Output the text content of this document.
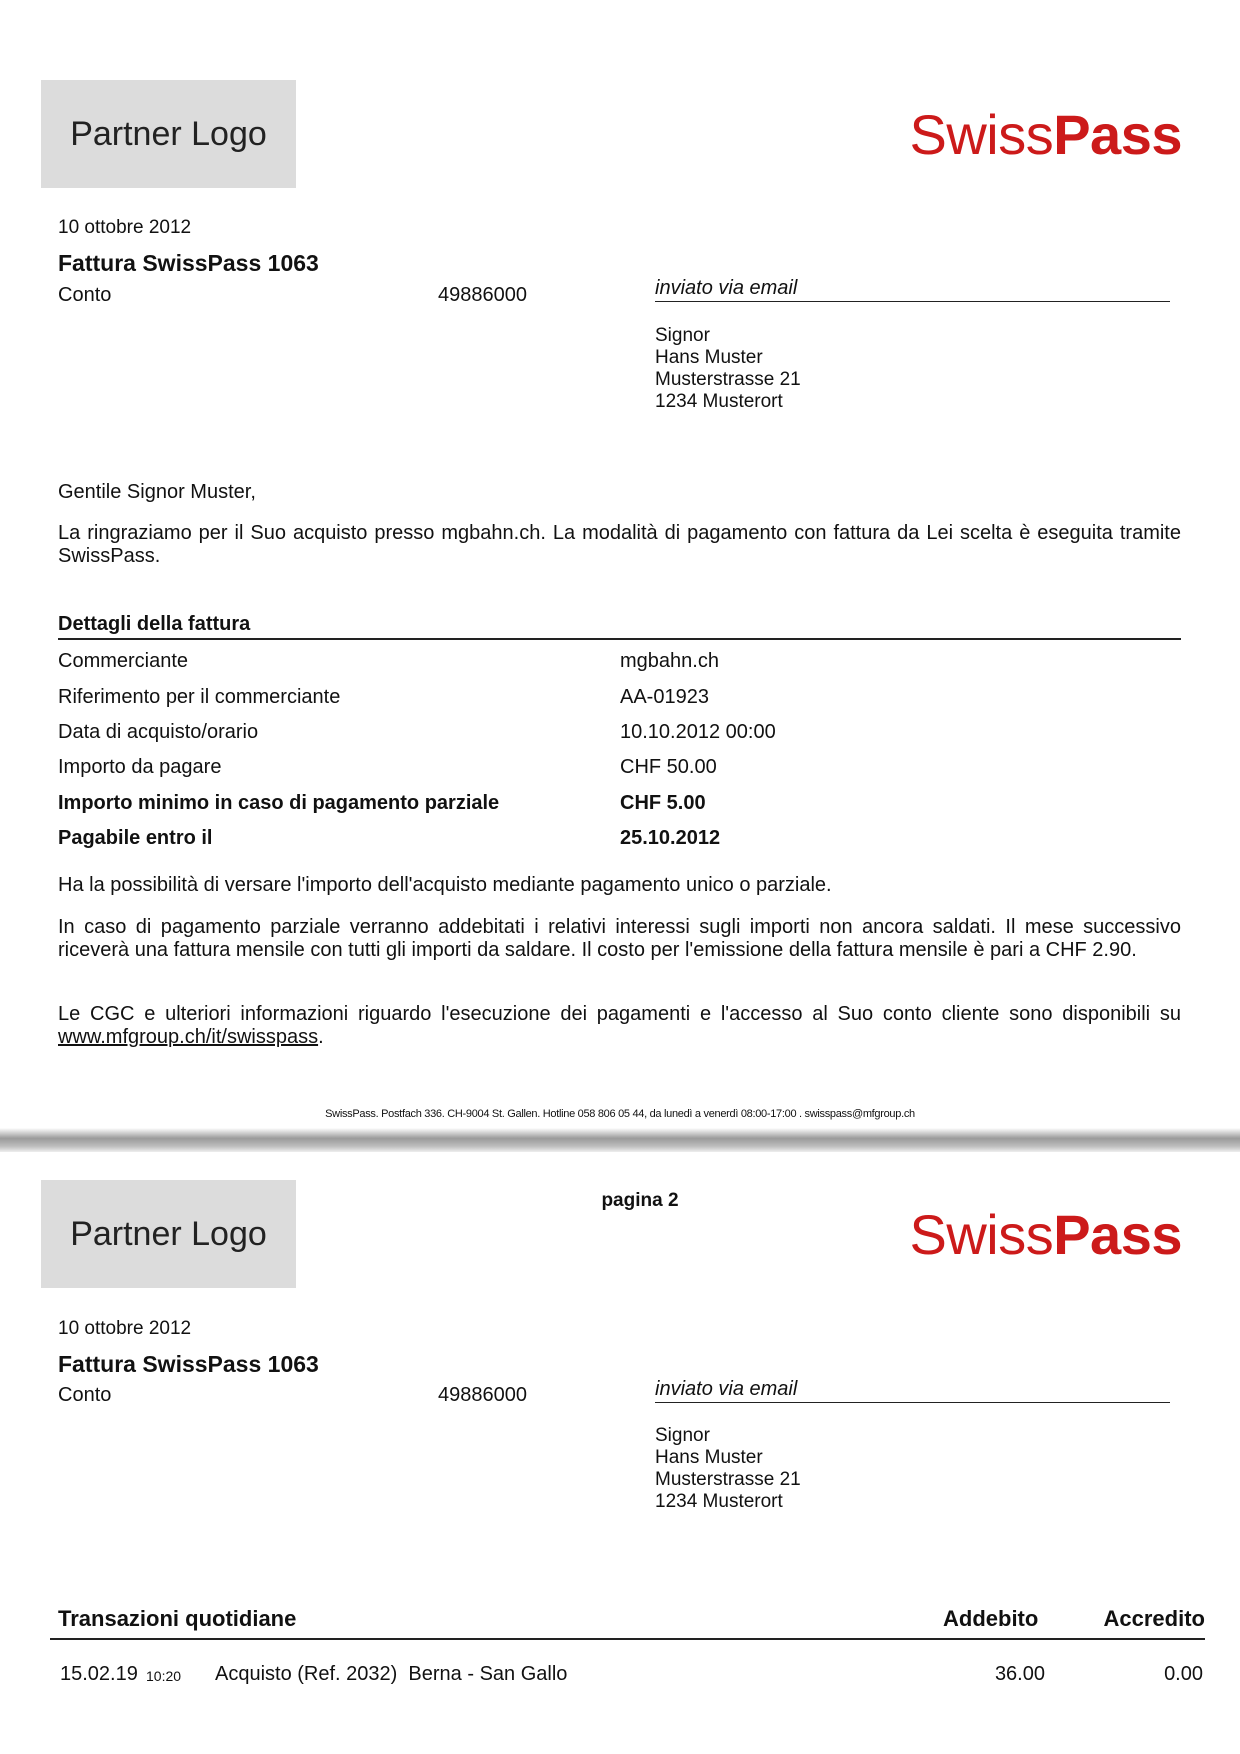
Partner Logo	SwissPass
10 ottobre 2012
Fattura SwissPass 1063
Conto	49886000	inviato via email
Signor
Hans Muster
Musterstrasse 21
1234 Musterort
Gentile Signor Muster,
La ringraziamo per il Suo acquisto presso mgbahn.ch. La modalità di pagamento con fattura da Lei scelta è eseguita tramite SwissPass.
Dettagli della fattura
Commerciante	mgbahn.ch
Riferimento per il commerciante	AA-01923
Data di acquisto/orario	10.10.2012 00:00
Importo da pagare	CHF 50.00
Importo minimo in caso di pagamento parziale	CHF 5.00
Pagabile entro il	25.10.2012
Ha la possibilità di versare l'importo dell'acquisto mediante pagamento unico o parziale.
In caso di pagamento parziale verranno addebitati i relativi interessi sugli importi non ancora saldati. Il mese successivo riceverà una fattura mensile con tutti gli importi da saldare. Il costo per l'emissione della fattura mensile è pari a CHF 2.90.
Le CGC e ulteriori informazioni riguardo l'esecuzione dei pagamenti e l'accesso al Suo conto cliente sono disponibili su www.mfgroup.ch/it/swisspass.
SwissPass. Postfach 336. CH-9004 St. Gallen. Hotline 058 806 05 44, da lunedì a venerdì 08:00-17:00 . swisspass@mfgroup.ch
Partner Logo
pagina 2
SwissPass
10 ottobre 2012
Fattura SwissPass 1063
Conto	49886000	inviato via email
Signor
Hans Muster
Musterstrasse 21
1234 Musterort
Transazioni quotidiane	Addebito	Accredito
15.02.19 10:20 Acquisto (Ref. 2032)  Berna - San Gallo	36.00	0.00
